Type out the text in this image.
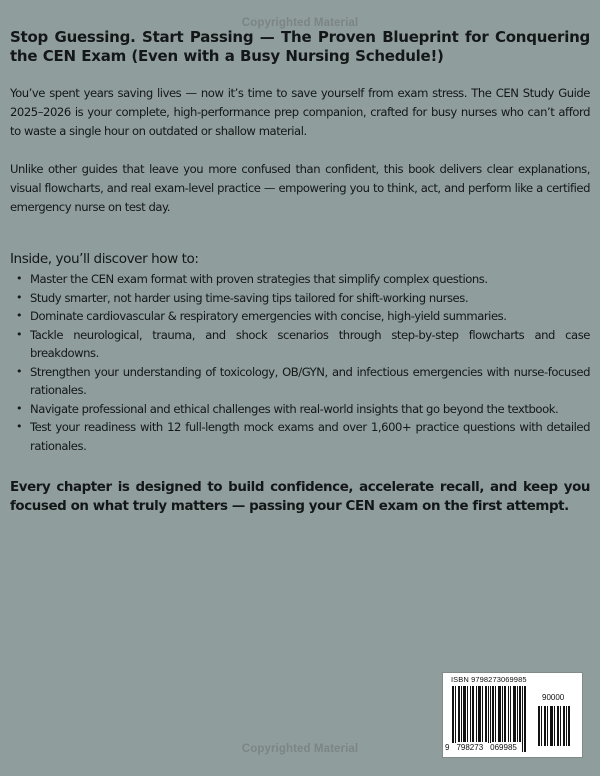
Copyrighted Material
Stop Guessing. Start Passing — The Proven Blueprint for Conquering the CEN Exam (Even with a Busy Nursing Schedule!)

You’ve spent years saving lives — now it’s time to save yourself from exam stress. The CEN Study Guide 2025–2026 is your complete, high-performance prep companion, crafted for busy nurses who can’t afford to waste a single hour on outdated or shallow material.

Unlike other guides that leave you more confused than confident, this book delivers clear explanations, visual flowcharts, and real exam-level practice — empowering you to think, act, and perform like a certified emergency nurse on test day.

Inside, you’ll discover how to:
• Master the CEN exam format with proven strategies that simplify complex questions.
• Study smarter, not harder using time-saving tips tailored for shift-working nurses.
• Dominate cardiovascular & respiratory emergencies with concise, high-yield summaries.
• Tackle neurological, trauma, and shock scenarios through step-by-step flowcharts and case breakdowns.
• Strengthen your understanding of toxicology, OB/GYN, and infectious emergencies with nurse-focused rationales.
• Navigate professional and ethical challenges with real-world insights that go beyond the textbook.
• Test your readiness with 12 full-length mock exams and over 1,600+ practice questions with detailed rationales.

Every chapter is designed to build confidence, accelerate recall, and keep you focused on what truly matters — passing your CEN exam on the first attempt.

ISBN 9798273069985
90000
9 798273 069985
Copyrighted Material
